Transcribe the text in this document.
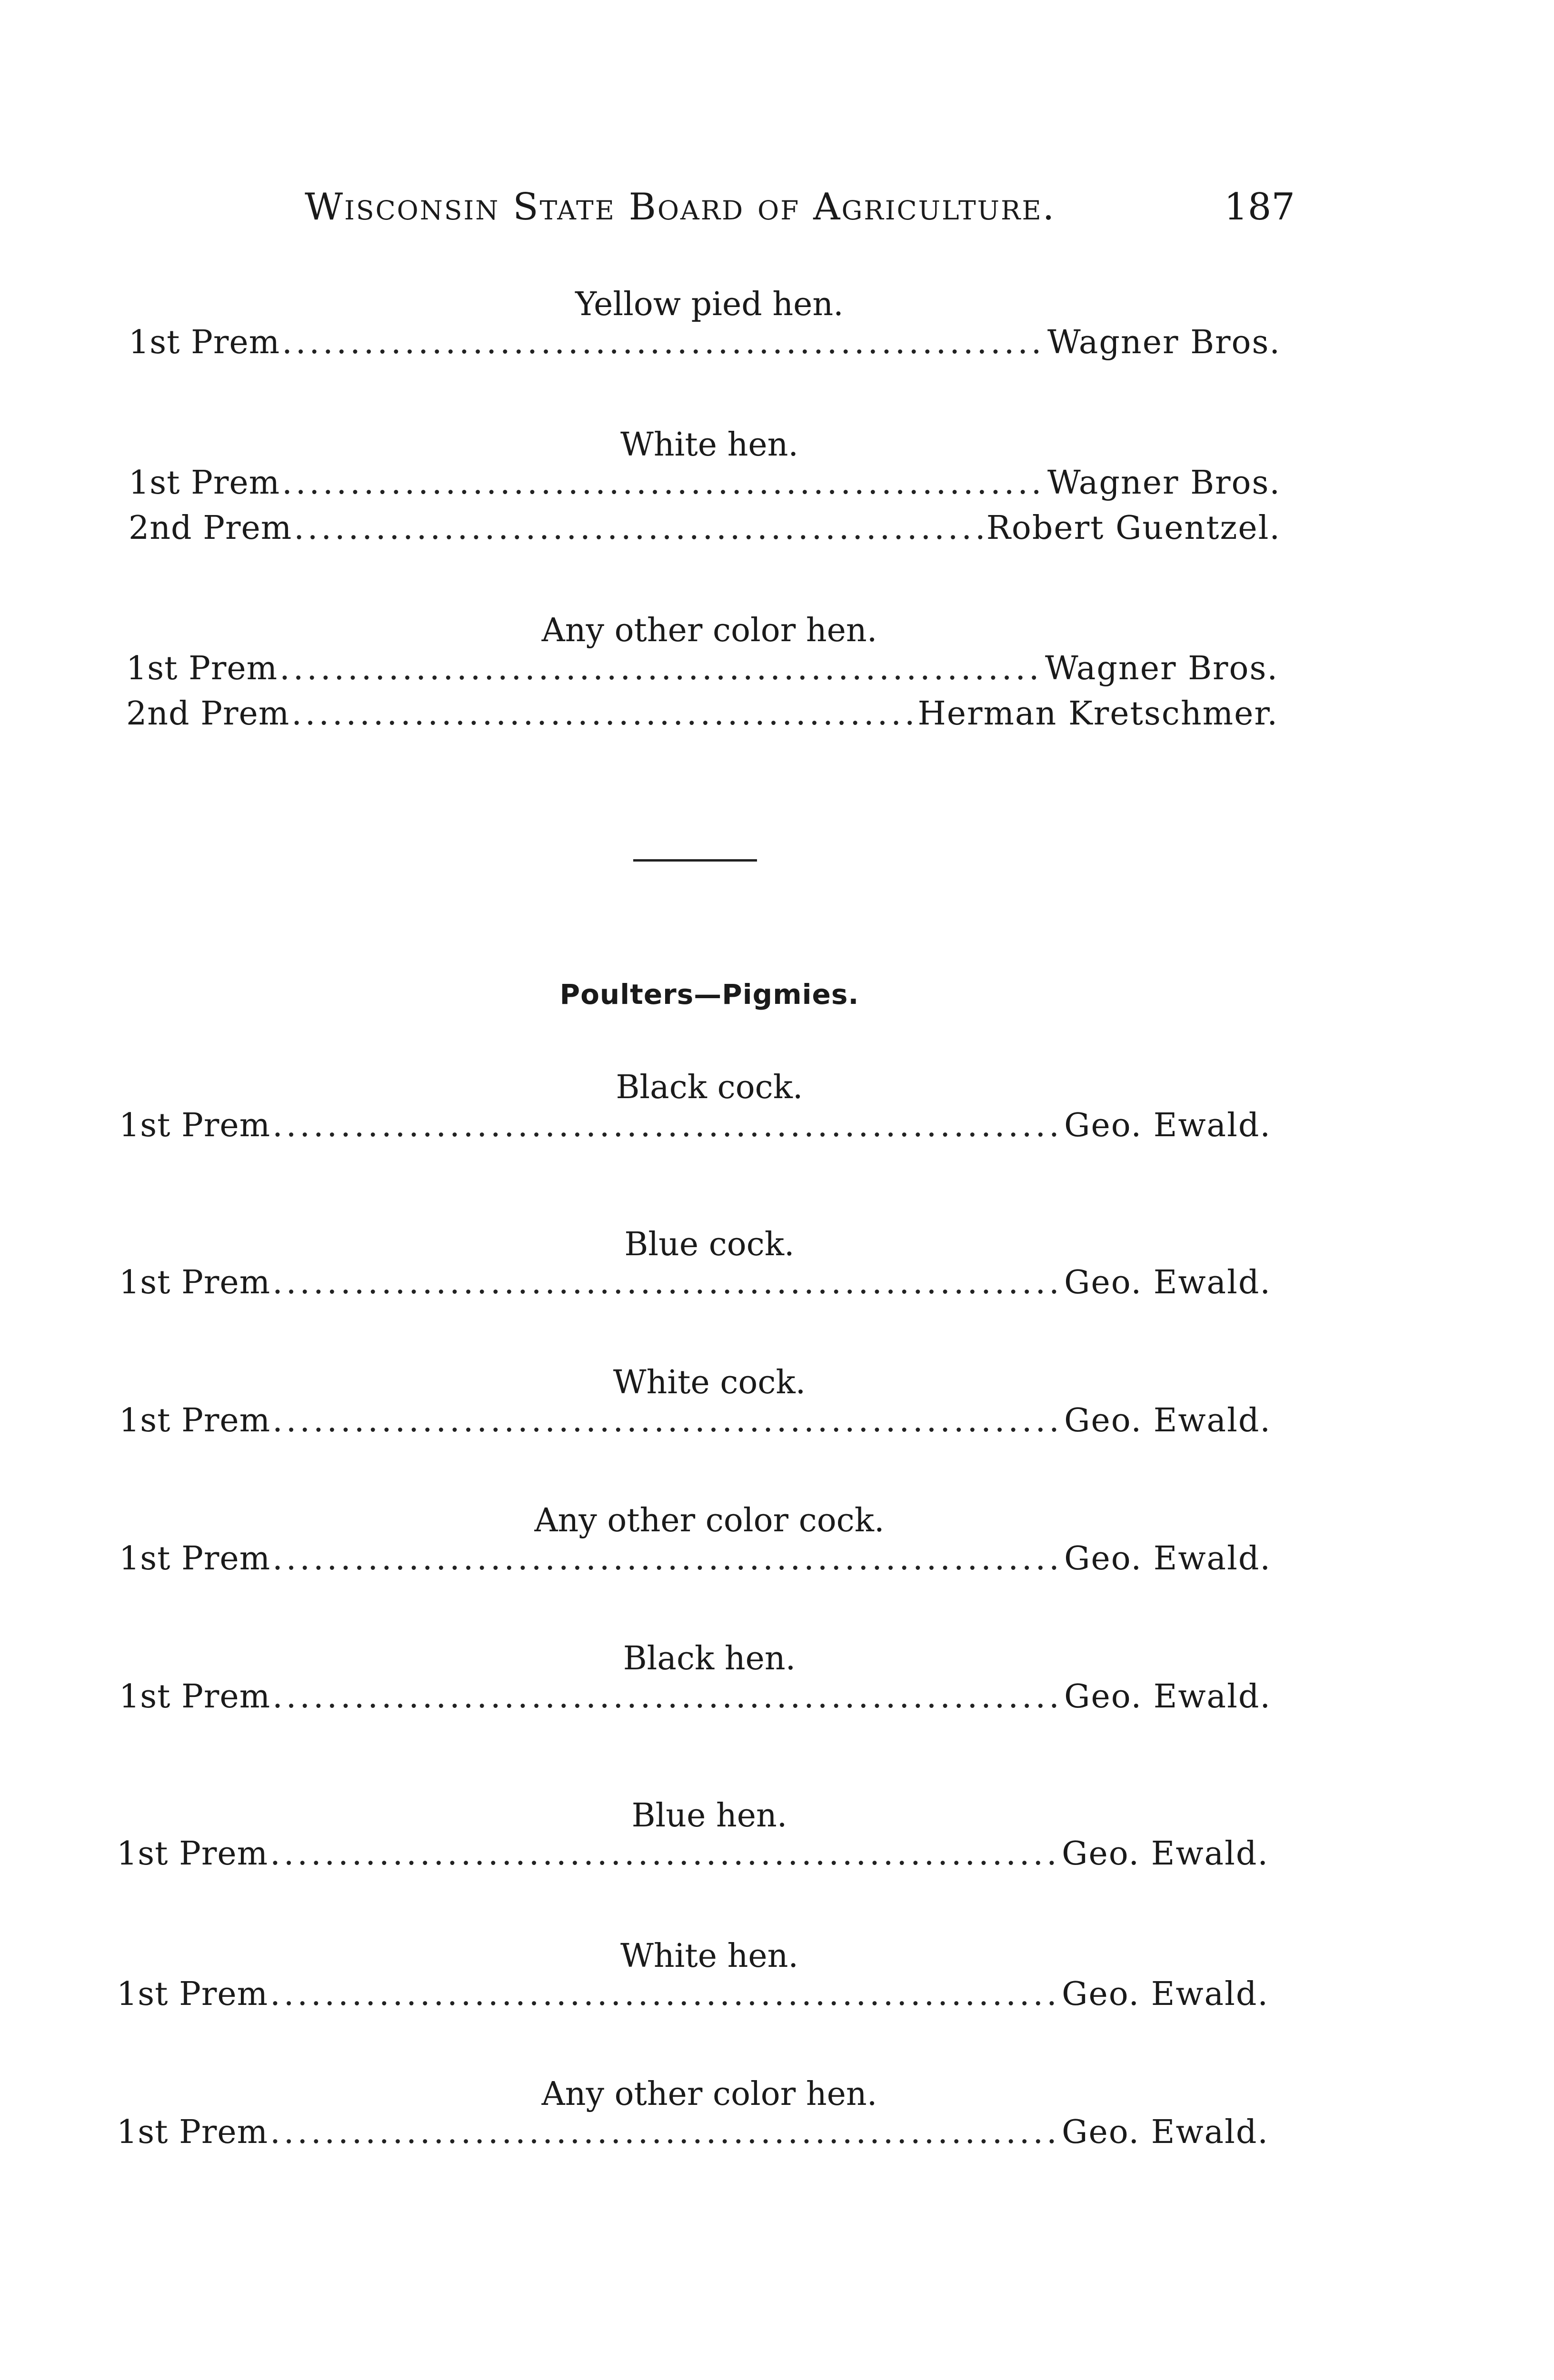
Wisconsin State Board of Agriculture.	187
Yellow pied hen.
1st Prem .....	Wagner Bros.
White hen.
1st Prem .....	Wagner Bros.
2nd Prem .....	Robert Guentzel.
Any other color hen.
1st Prem .....	Wagner Bros.
2nd Prem .....	Herman Kretschmer.
Poulters—Pigmies.
Black cock.
1st Prem .....	Geo. Ewald.
Blue cock.
1st Prem .....	Geo. Ewald.
White cock.
1st Prem .....	Geo. Ewald.
Any other color cock.
1st Prem .....	Geo. Ewald.
Black hen.
1st Prem .....	Geo. Ewald.
Blue hen.
1st Prem .....	Geo. Ewald.
White hen.
1st Prem .....	Geo. Ewald.
Any other color hen.
1st Prem .....	Geo. Ewald.
